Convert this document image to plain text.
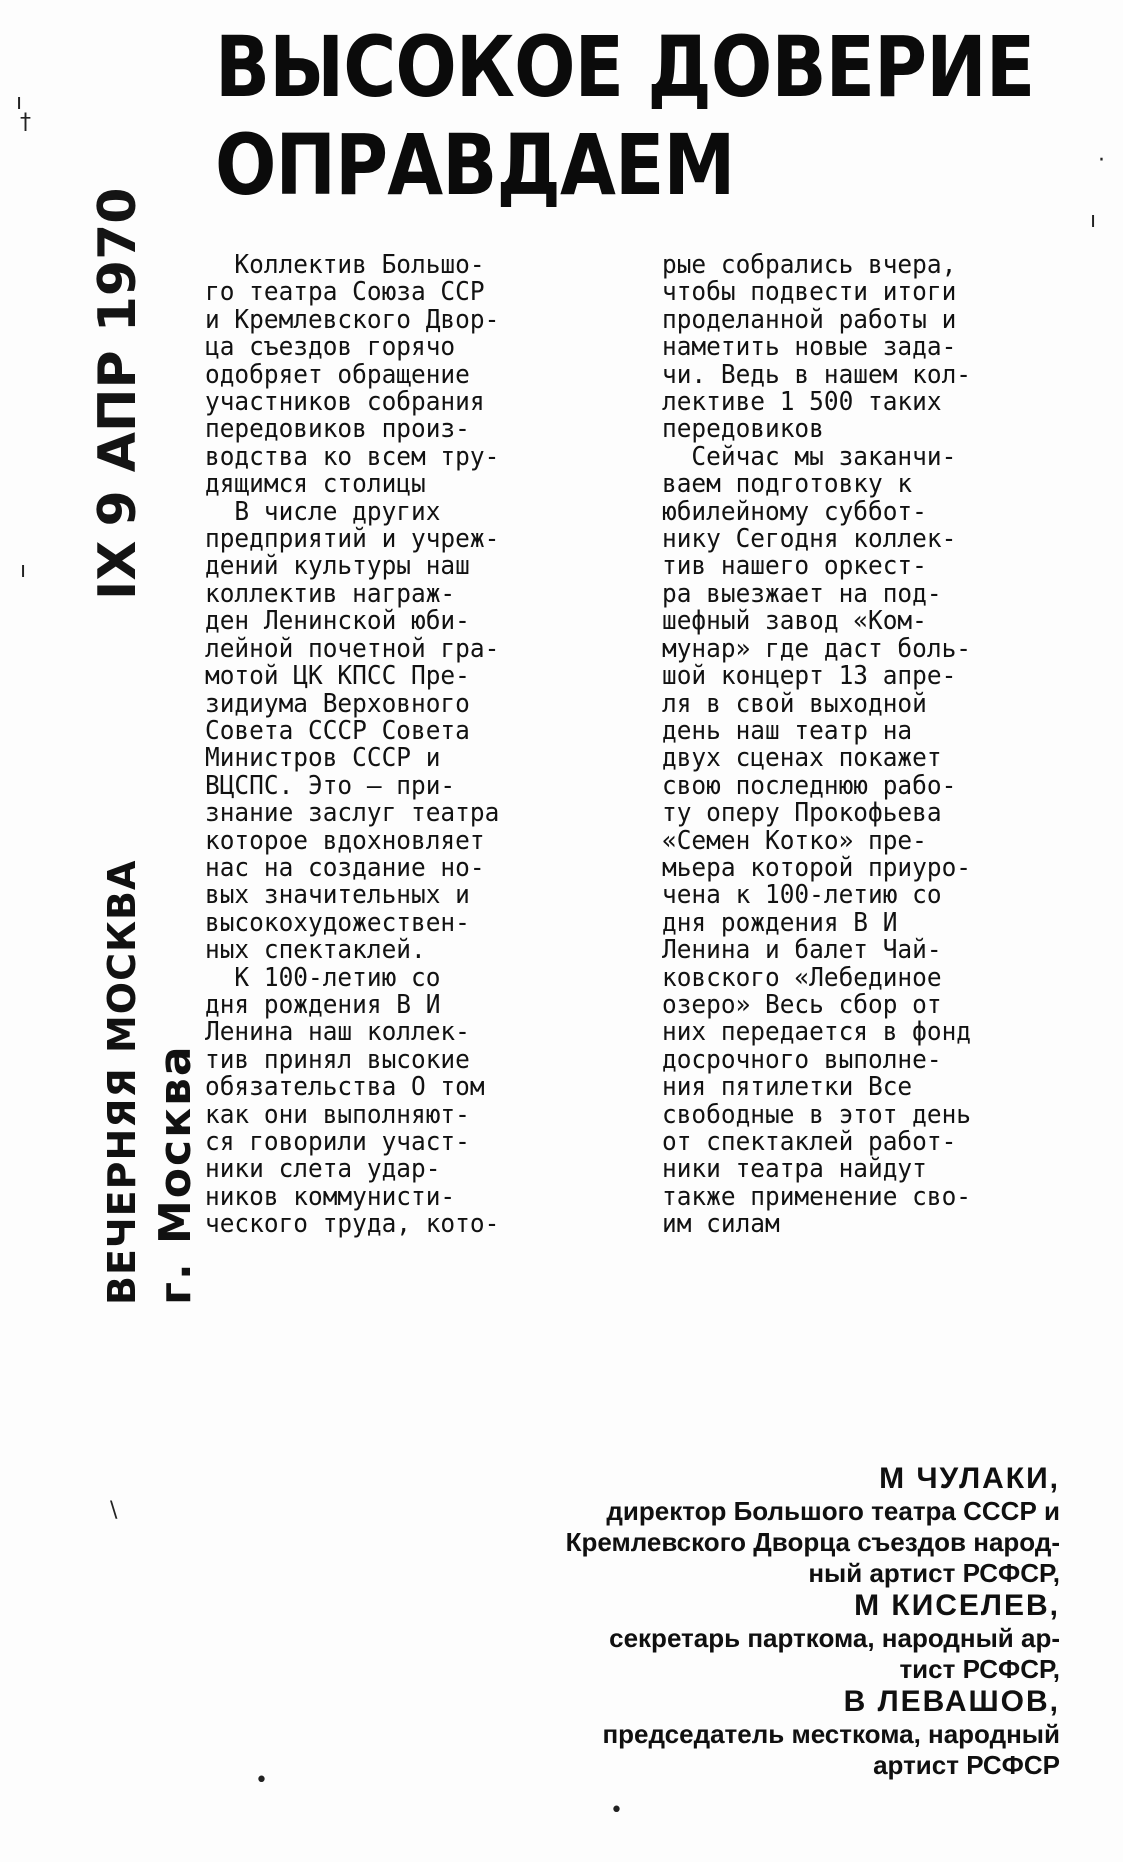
ВЫСОКОЕ ДОВЕРИЕ
ОПРАВДАЕМ
IX9 АПР 1970
ВЕЧЕРНЯЯ МОСКВА г. Москва
Коллектив Большо-
го театра Союза ССР
и Кремлевского Двор-
ца съездов горячо
одобряет обращение
участников собрания
передовиков произ-
водства ко всем тру-
дящимся столицы
В числе других
предприятий и учреж-
дений культуры наш
коллектив награж-
ден Ленинской юби-
лейной почетной гра-
мотой ЦК КПСС Пре-
зидиума Верховного
Совета СССР Совета
Министров СССР и
ВЦСПС. Это — при-
знание заслуг театра
которое вдохновляет
нас на создание но-
вых значительных и
высокохудожествен-
ных спектаклей.
К 100-летию со
дня рождения В И
Ленина наш коллек-
тив принял высокие
обязательства О том
как они выполняют-
ся говорили участ-
ники слета удар-
ников коммунисти-
ческого труда, кото-
рые собрались вчера,
чтобы подвести итоги
проделанной работы и
наметить новые зада-
чи. Ведь в нашем кол-
лективе 1 500 таких
передовиков
Сейчас мы заканчи-
ваем подготовку к
юбилейному суббот-
нику Сегодня коллек-
тив нашего оркест-
ра выезжает на под-
шефный завод «Ком-
мунар» где даст боль-
шой концерт 13 апре-
ля в свой выходной
день наш театр на
двух сценах покажет
свою последнюю рабо-
ту оперу Прокофьева
«Семен Котко» пре-
мьера которой приуро-
чена к 100-летию со
дня рождения В И
Ленина и балет Чай-
ковского «Лебединое
озеро» Весь сбор от
них передается в фонд
досрочного выполне-
ния пятилетки Все
свободные в этот день
от спектаклей работ-
ники театра найдут
также применение сво-
им силам
М ЧУЛАКИ,
директор Большого театра СССР и
Кремлевского Дворца съездов народ-
ный артист РСФСР,
М КИСЕЛЕВ,
секретарь парткома, народный ар-
тист РСФСР,
В ЛЕВАШОВ,
председатель месткома, народный
артист РСФСР
ı
†
·
ı
ı
•
•
\
